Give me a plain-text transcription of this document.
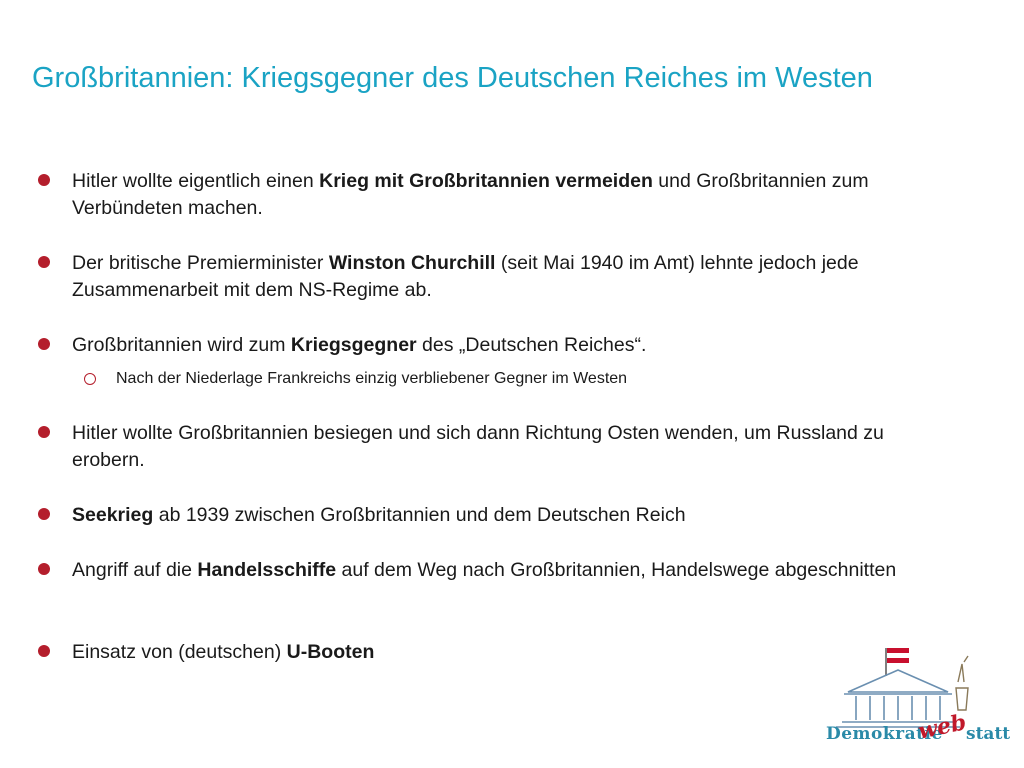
Großbritannien: Kriegsgegner des Deutschen Reiches im Westen
Hitler wollte eigentlich einen Krieg mit Großbritannien vermeiden und Großbritannien zum Verbündeten machen.
Der britische Premierminister Winston Churchill (seit Mai 1940 im Amt) lehnte jedoch jede Zusammenarbeit mit dem NS-Regime ab.
Großbritannien wird zum Kriegsgegner des „Deutschen Reiches“.
Nach der Niederlage Frankreichs einzig verbliebener Gegner im Westen
Hitler wollte Großbritannien besiegen und sich dann Richtung Osten wenden, um Russland zu erobern.
Seekrieg ab 1939 zwischen Großbritannien und dem Deutschen Reich
Angriff auf die Handelsschiffe auf dem Weg nach Großbritannien, Handelswege abgeschnitten
Einsatz von (deutschen) U-Booten
Demokratie
web
statt
